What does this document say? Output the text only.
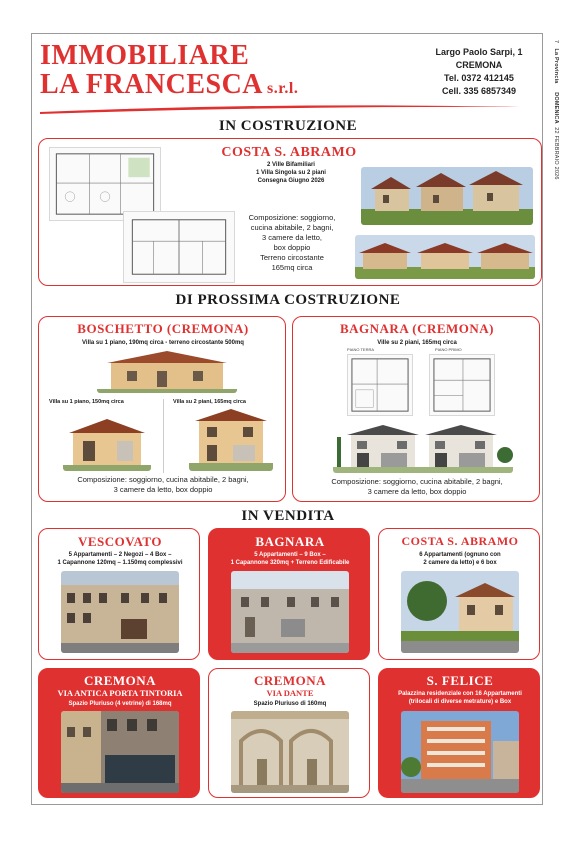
7   La Provincia     DOMENICA  22 FEBBRAIO 2026
IMMOBILIARE
LA FRANCESCA s.r.l.
Largo Paolo Sarpi, 1
CREMONA
Tel. 0372 412145
Cell. 335 6857349
IN COSTRUZIONE
COSTA S. ABRAMO
2 Ville Bifamiliari
1 Villa Singola su 2 piani
Consegna Giugno 2026
Composizione: soggiorno,
cucina abitabile, 2 bagni,
3 camere da letto,
box doppio
Terreno circostante
165mq circa
DI PROSSIMA COSTRUZIONE
BOSCHETTO (CREMONA)
Villa su 1 piano, 190mq circa - terreno circostante 500mq
Villa su 1 piano, 150mq circa	Villa su 2 piani, 165mq circa
Composizione: soggiorno, cucina abitabile, 2 bagni,
3 camere da letto, box doppio
BAGNARA (CREMONA)
Ville su 2 piani, 165mq circa
PIANO TERRA	PIANO PRIMO
Composizione: soggiorno, cucina abitabile, 2 bagni,
3 camere da letto, box doppio
IN VENDITA
VESCOVATO
5 Appartamenti – 2 Negozi – 4 Box –
1 Capannone 120mq – 1.150mq complessivi
BAGNARA
5 Appartamenti – 9 Box –
1 Capannone 320mq + Terreno Edificabile
COSTA S. ABRAMO
6 Appartamenti (ognuno con
2 camere da letto) e 6 box
CREMONA
VIA ANTICA PORTA TINTORIA
Spazio Pluriuso (4 vetrine) di 168mq
CREMONA
VIA DANTE
Spazio Pluriuso di 160mq
S. FELICE
Palazzina residenziale con 16 Appartamenti
(trilocali di diverse metrature) e Box
